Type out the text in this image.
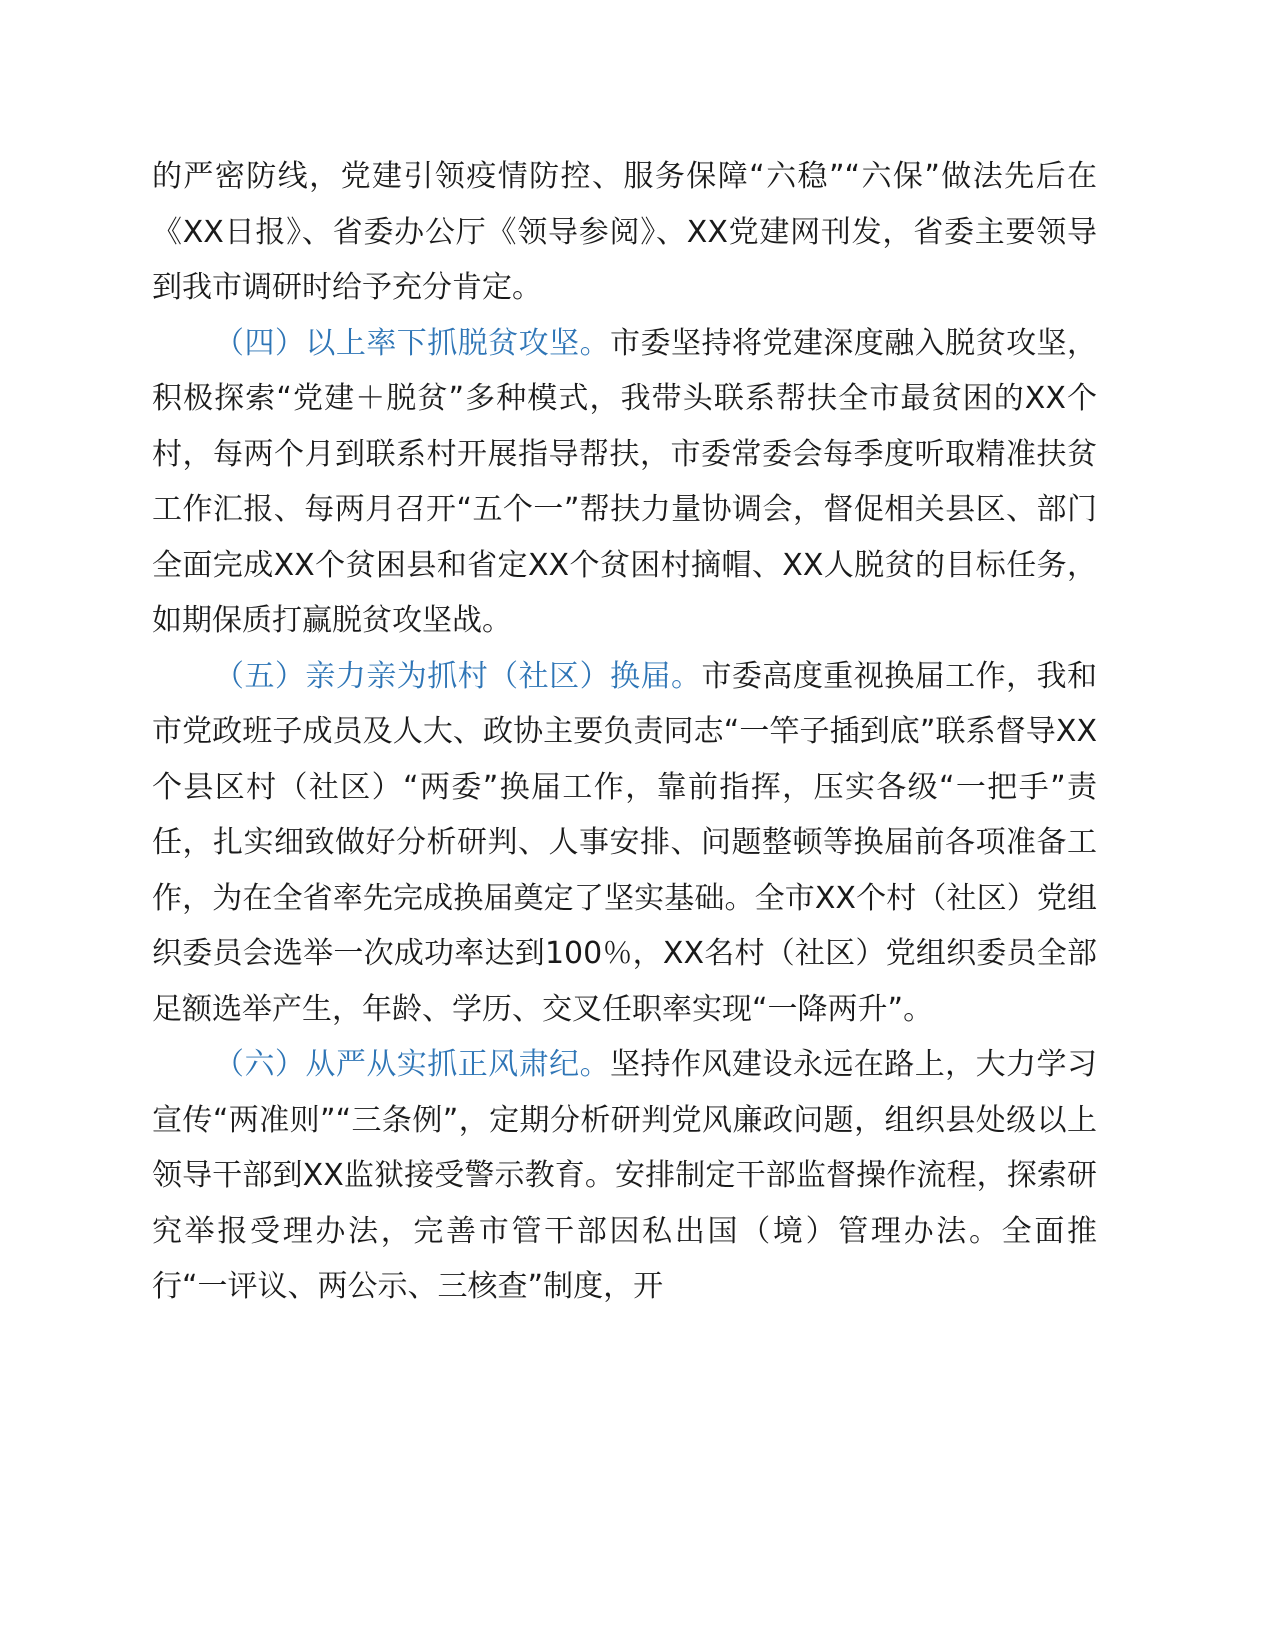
的严密防线，党建引领疫情防控、服务保障“六稳”“六保”做法先后在《XX日报》、省委办公厅《领导参阅》、XX党建网刊发，省委主要领导到我市调研时给予充分肯定。

（四）以上率下抓脱贫攻坚。市委坚持将党建深度融入脱贫攻坚，积极探索“党建＋脱贫”多种模式，我带头联系帮扶全市最贫困的XX个村，每两个月到联系村开展指导帮扶，市委常委会每季度听取精准扶贫工作汇报、每两月召开“五个一”帮扶力量协调会，督促相关县区、部门全面完成XX个贫困县和省定XX个贫困村摘帽、XX人脱贫的目标任务，如期保质打赢脱贫攻坚战。

（五）亲力亲为抓村（社区）换届。市委高度重视换届工作，我和市党政班子成员及人大、政协主要负责同志“一竿子插到底”联系督导XX个县区村（社区）“两委”换届工作，靠前指挥，压实各级“一把手”责任，扎实细致做好分析研判、人事安排、问题整顿等换届前各项准备工作，为在全省率先完成换届奠定了坚实基础。全市XX个村（社区）党组织委员会选举一次成功率达到100％，XX名村（社区）党组织委员全部足额选举产生，年龄、学历、交叉任职率实现“一降两升”。

（六）从严从实抓正风肃纪。坚持作风建设永远在路上，大力学习宣传“两准则”“三条例”，定期分析研判党风廉政问题，组织县处级以上领导干部到XX监狱接受警示教育。安排制定干部监督操作流程，探索研究举报受理办法，完善市管干部因私出国（境）管理办法。全面推行“一评议、两公示、三核查”制度，开
